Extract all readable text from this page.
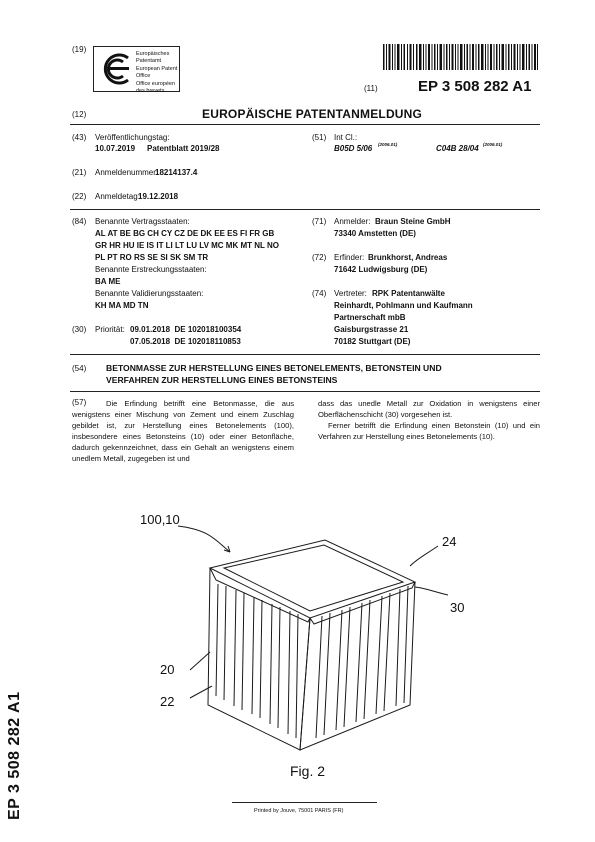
(19)	Europäisches Patentamt
European Patent Office
Office européen des brevets	(11)	EP 3 508 282 A1
(12)	EUROPÄISCHE PATENTANMELDUNG
(43) Veröffentlichungstag:
10.07.2019 Patentblatt 2019/28
(21) Anmeldenummer:
18214137.4
(22) Anmeldetag:
19.12.2018
(51) Int Cl.:
B05D 5/06 (2006.01)	C04B 28/04 (2006.01)
(84) Benannte Vertragsstaaten:
AL AT BE BG CH CY CZ DE DK EE ES FI FR GB
GR HR HU IE IS IT LI LT LU LV MC MK MT NL NO
PL PT RO RS SE SI SK SM TR
Benannte Erstreckungsstaaten:
BA ME
Benannte Validierungsstaaten:
KH MA MD TN
(30) Priorität: 09.01.2018  DE 102018100354
07.05.2018  DE 102018110853
(71) Anmelder: Braun Steine GmbH
73340 Amstetten (DE)
(72) Erfinder: Brunkhorst, Andreas
71642 Ludwigsburg (DE)
(74) Vertreter: RPK Patentanwälte
Reinhardt, Pohlmann und Kaufmann
Partnerschaft mbB
Gaisburgstrasse 21
70182 Stuttgart (DE)
(54) BETONMASSE ZUR HERSTELLUNG EINES BETONELEMENTS, BETONSTEIN UND
VERFAHREN ZUR HERSTELLUNG EINES BETONSTEINS
(57)	Die Erfindung betrifft eine Betonmasse, die aus wenigstens einer Mischung von Zement und einem Zuschlag gebildet ist, zur Herstellung eines Betonelements (100), insbesondere eines Betonsteins (10) oder einer Betonfläche, dadurch gekennzeichnet, dass ein Gehalt an wenigstens einem unedlem Metall, zugegeben ist und
dass das unedle Metall zur Oxidation in wenigstens einer Oberflächenschicht (30) vorgesehen ist.
Ferner betrifft die Erfindung einen Betonstein (10) und ein Verfahren zur Herstellung eines Betonelements (10).
100,10
24
30
20
22
Fig. 2
Printed by Jouve, 75001 PARIS (FR)
EP 3 508 282 A1
